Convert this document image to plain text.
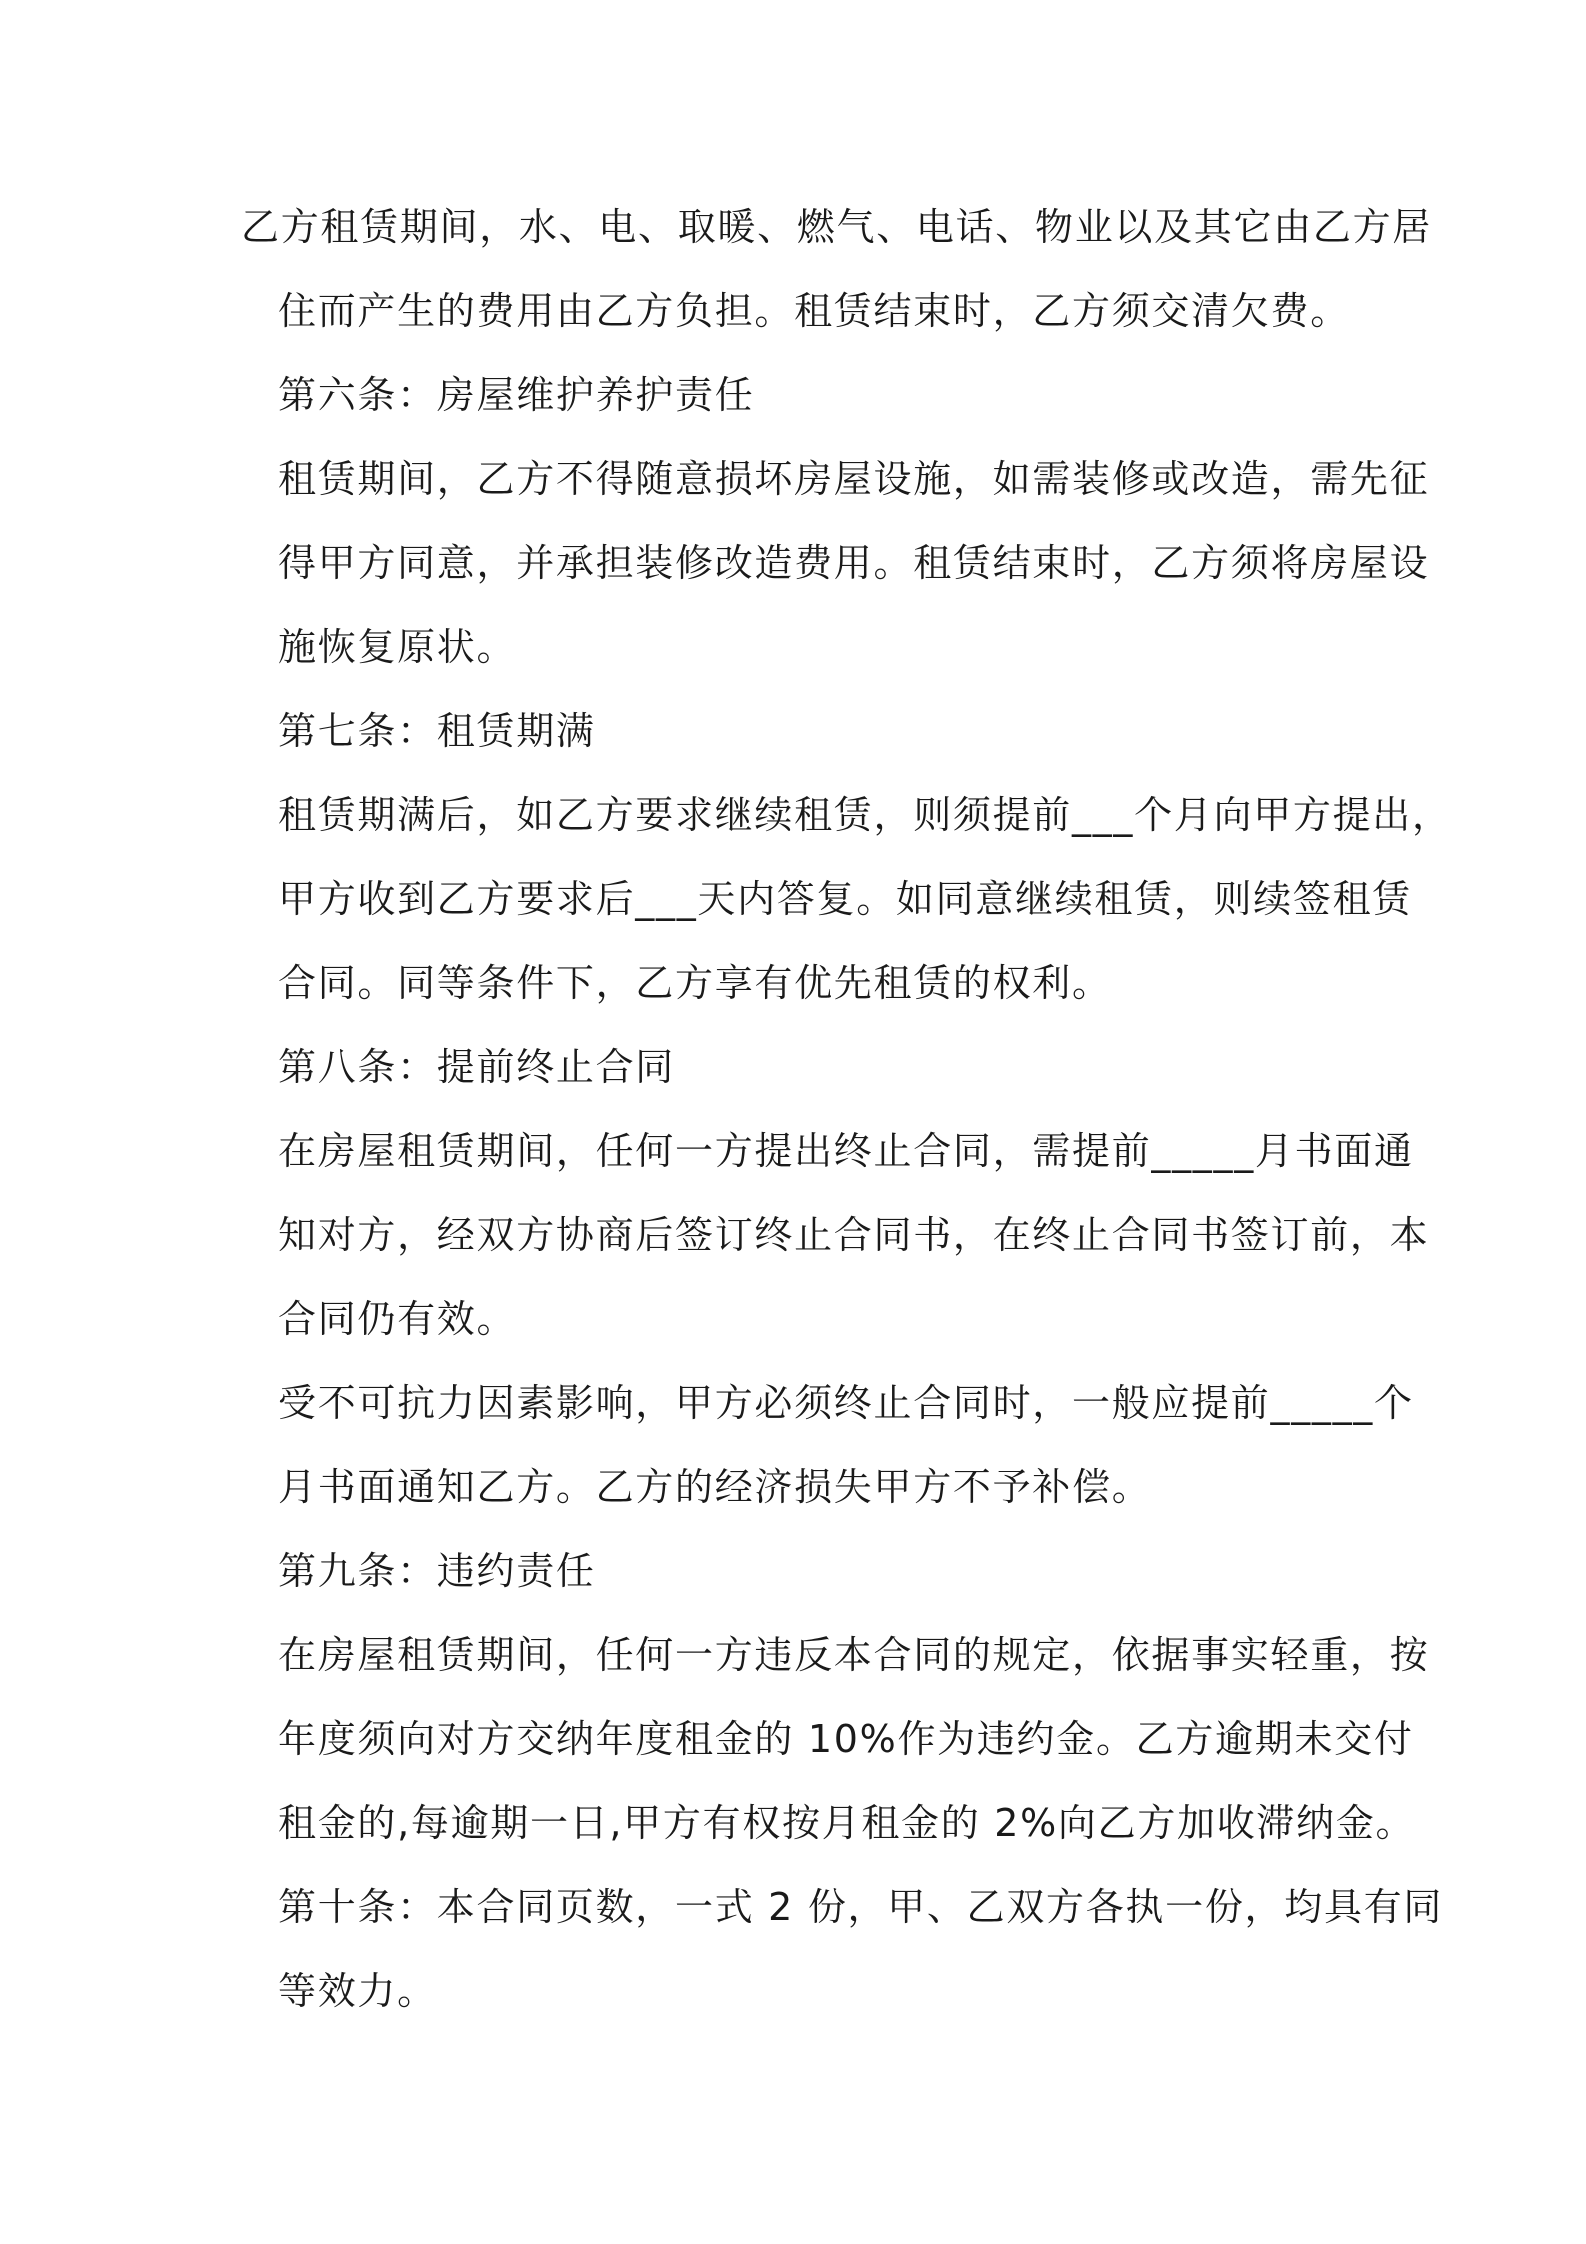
乙方租赁期间，水、电、取暖、燃气、电话、物业以及其它由乙方居
住而产生的费用由乙方负担。租赁结束时，乙方须交清欠费。
第六条：房屋维护养护责任
租赁期间，乙方不得随意损坏房屋设施，如需装修或改造，需先征
得甲方同意，并承担装修改造费用。租赁结束时，乙方须将房屋设
施恢复原状。
第七条：租赁期满
租赁期满后，如乙方要求继续租赁，则须提前___个月向甲方提出，
甲方收到乙方要求后___天内答复。如同意继续租赁，则续签租赁
合同。同等条件下，乙方享有优先租赁的权利。
第八条：提前终止合同
在房屋租赁期间，任何一方提出终止合同，需提前_____月书面通
知对方，经双方协商后签订终止合同书，在终止合同书签订前，本
合同仍有效。
受不可抗力因素影响，甲方必须终止合同时，一般应提前_____个
月书面通知乙方。乙方的经济损失甲方不予补偿。
第九条：违约责任
在房屋租赁期间，任何一方违反本合同的规定，依据事实轻重，按
年度须向对方交纳年度租金的 10%作为违约金。乙方逾期未交付
租金的,每逾期一日,甲方有权按月租金的 2%向乙方加收滞纳金。
第十条：本合同页数，一式 2 份，甲、乙双方各执一份，均具有同
等效力。
